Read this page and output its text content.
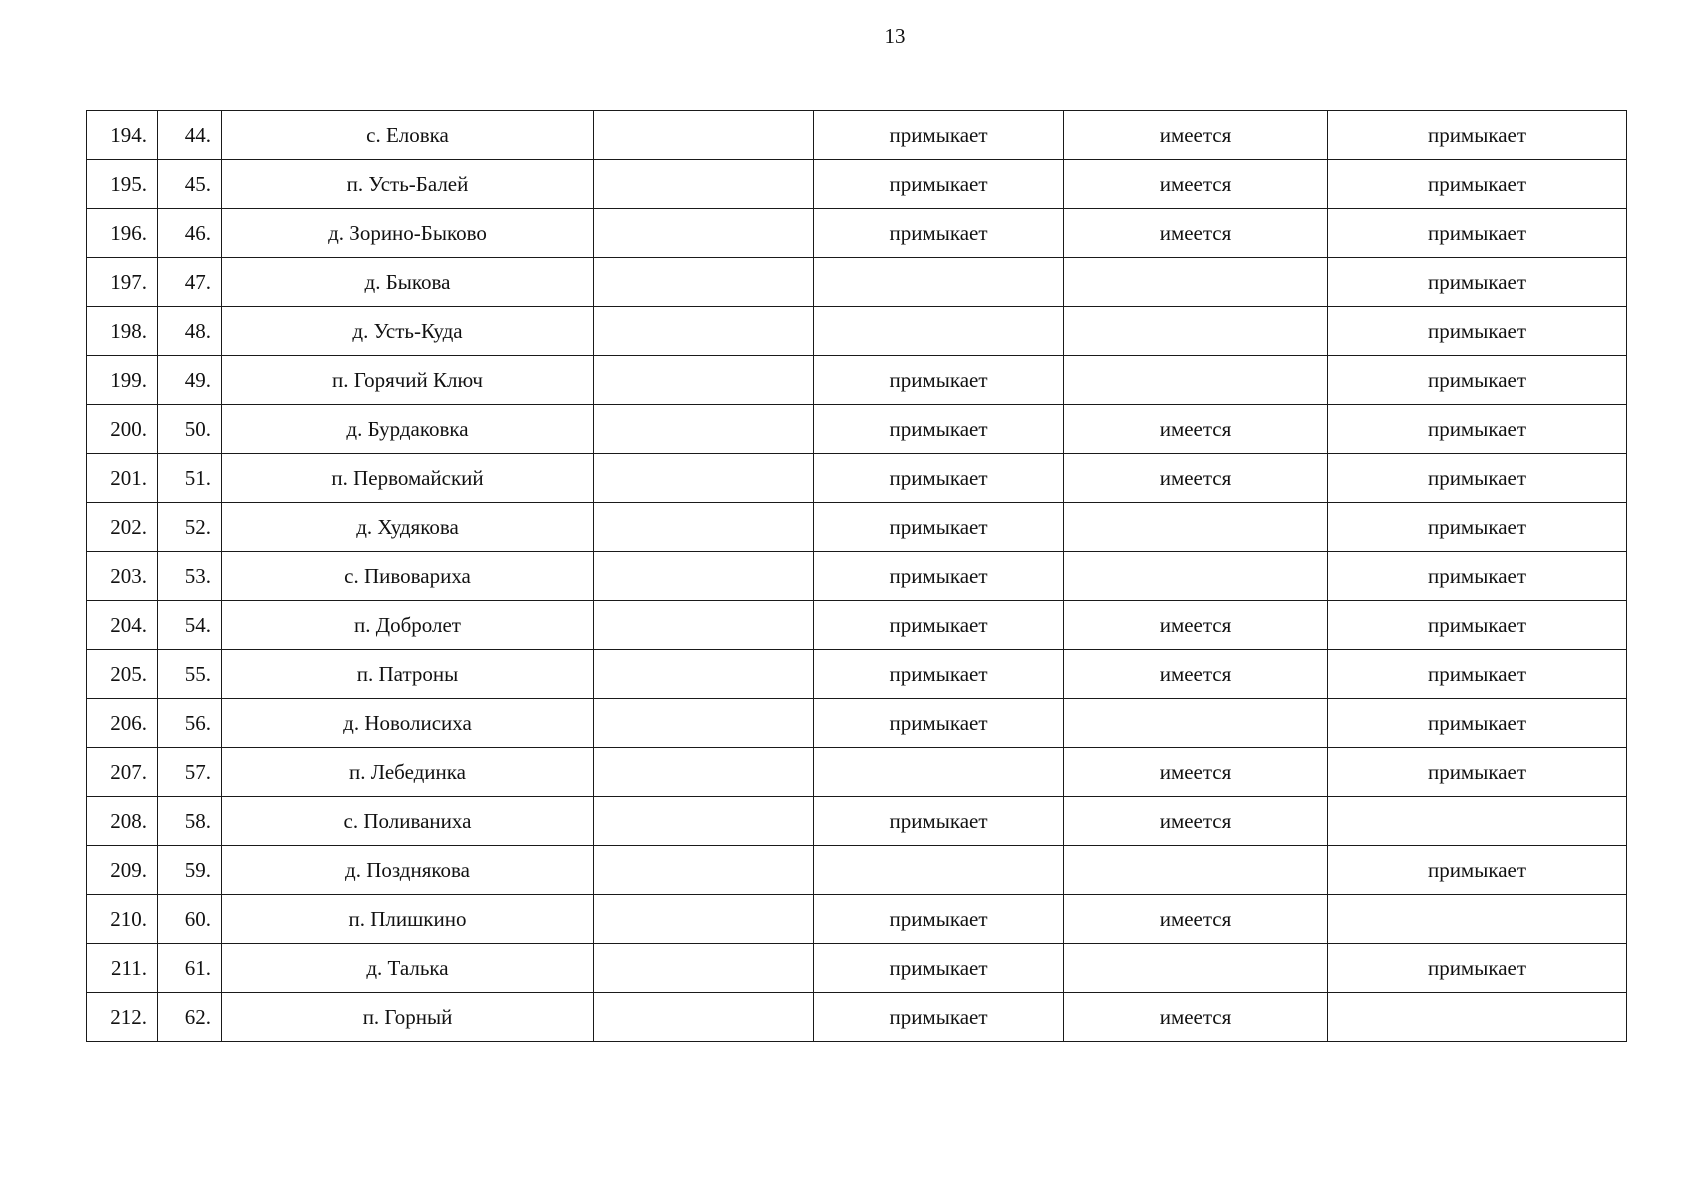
13
194.	44.	с. Еловка		примыкает	имеется	примыкает
195.	45.	п. Усть-Балей		примыкает	имеется	примыкает
196.	46.	д. Зорино-Быково		примыкает	имеется	примыкает
197.	47.	д. Быкова				примыкает
198.	48.	д. Усть-Куда				примыкает
199.	49.	п. Горячий Ключ		примыкает		примыкает
200.	50.	д. Бурдаковка		примыкает	имеется	примыкает
201.	51.	п. Первомайский		примыкает	имеется	примыкает
202.	52.	д. Худякова		примыкает		примыкает
203.	53.	с. Пивовариха		примыкает		примыкает
204.	54.	п. Добролет		примыкает	имеется	примыкает
205.	55.	п. Патроны		примыкает	имеется	примыкает
206.	56.	д. Новолисиха		примыкает		примыкает
207.	57.	п. Лебединка			имеется	примыкает
208.	58.	с. Поливаниха		примыкает	имеется	
209.	59.	д. Позднякова				примыкает
210.	60.	п. Плишкино		примыкает	имеется	
211.	61.	д. Талька		примыкает		примыкает
212.	62.	п. Горный		примыкает	имеется	
